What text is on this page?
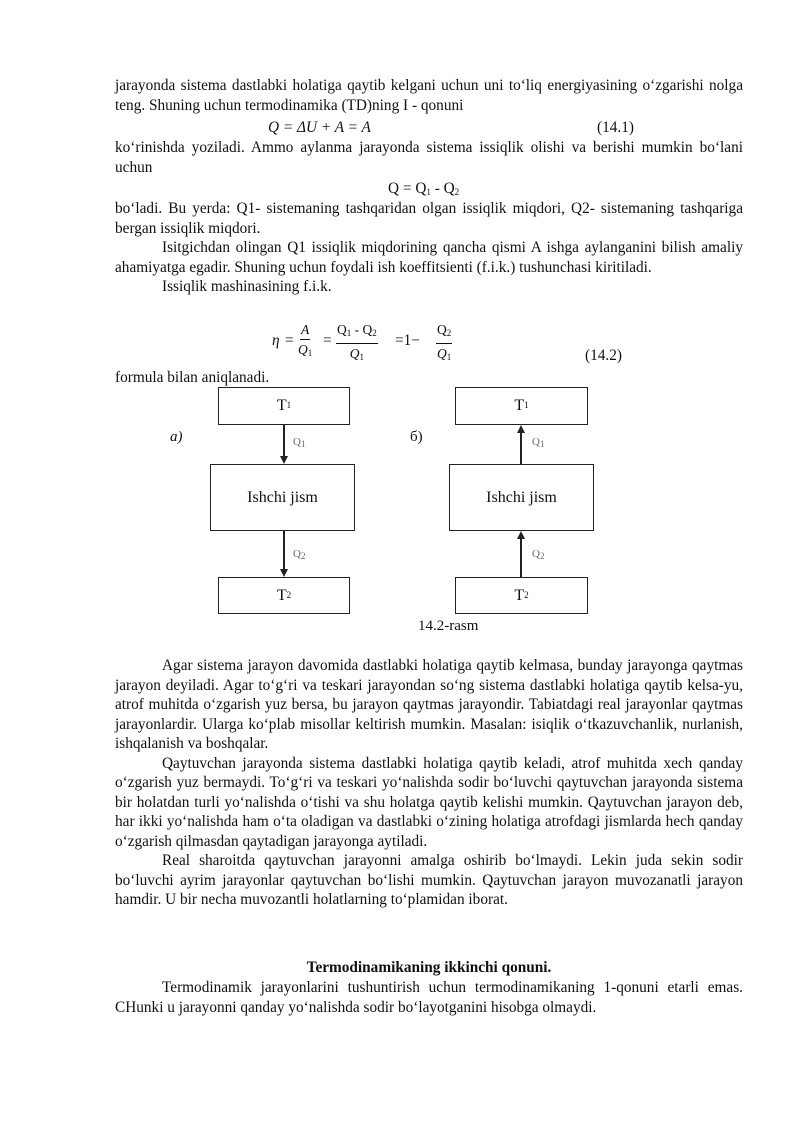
jarayonda sistema dastlabki holatiga qaytib kelgani uchun uni to‘liq energiyasining o‘zgarishi nolga teng. Shuning uchun termodinamika (TD)ning I - qonuni

Q = ΔU + A = A	(14.1)

ko‘rinishda yoziladi. Ammo aylanma jarayonda sistema issiqlik olishi va berishi mumkin bo‘lani uchun

$Q = Q_1 - Q_2$

bo‘ladi. Bu yerda: Q1- sistemaning tashqaridan olgan issiqlik miqdori, Q2- sistemaning tashqariga bergan issiqlik miqdori.

Isitgichdan olingan Q1 issiqlik miqdorining qancha qismi A ishga aylanganini bilish amaliy ahamiyatga egadir. Shuning uchun foydali ish koeffitsienti (f.i.k.) tushunchasi kiritiladi.

Issiqlik mashinasining f.i.k.

$\eta = \frac{A}{Q_1} = \frac{Q_1 - Q_2}{Q_1} =1- \frac{Q_2}{Q_1}$	(14.2)

formula bilan aniqlanadi.

a)	б)
T 1
$Q_1$
Ishchi jism
$Q_2$
T 2
T 1
$Q_1$
Ishchi jism
$Q_2$
T 2
14.2-rasm

Agar sistema jarayon davomida dastlabki holatiga qaytib kelmasa, bunday jarayonga qaytmas jarayon deyiladi. Agar to‘g‘ri va teskari jarayondan so‘ng sistema dastlabki holatiga qaytib kelsa-yu, atrof muhitda o‘zgarish yuz bersa, bu jarayon qaytmas jarayondir. Tabiatdagi real jarayonlar qaytmas jarayonlardir. Ularga ko‘plab misollar keltirish mumkin. Masalan: isiqlik o‘tkazuvchanlik, nurlanish, ishqalanish va boshqalar.

Qaytuvchan jarayonda sistema dastlabki holatiga qaytib keladi, atrof muhitda xech qanday o‘zgarish yuz bermaydi. To‘g‘ri va teskari yo‘nalishda sodir bo‘luvchi qaytuvchan jarayonda sistema bir holatdan turli yo‘nalishda o‘tishi va shu holatga qaytib kelishi mumkin. Qaytuvchan jarayon deb, har ikki yo‘nalishda ham o‘ta oladigan va dastlabki o‘zining holatiga atrofdagi jismlarda hech qanday o‘zgarish qilmasdan qaytadigan jarayonga aytiladi.

Real sharoitda qaytuvchan jarayonni amalga oshirib bo‘lmaydi. Lekin juda sekin sodir bo‘luvchi ayrim jarayonlar qaytuvchan bo‘lishi mumkin. Qaytuvchan jarayon muvozanatli jarayon hamdir. U bir necha muvozantli holatlarning to‘plamidan iborat.

Termodinamikaning ikkinchi qonuni.

Termodinamik jarayonlarini tushuntirish uchun termodinamikaning 1-qonuni etarli emas. CHunki u jarayonni qanday yo‘nalishda sodir bo‘layotganini hisobga olmaydi.
